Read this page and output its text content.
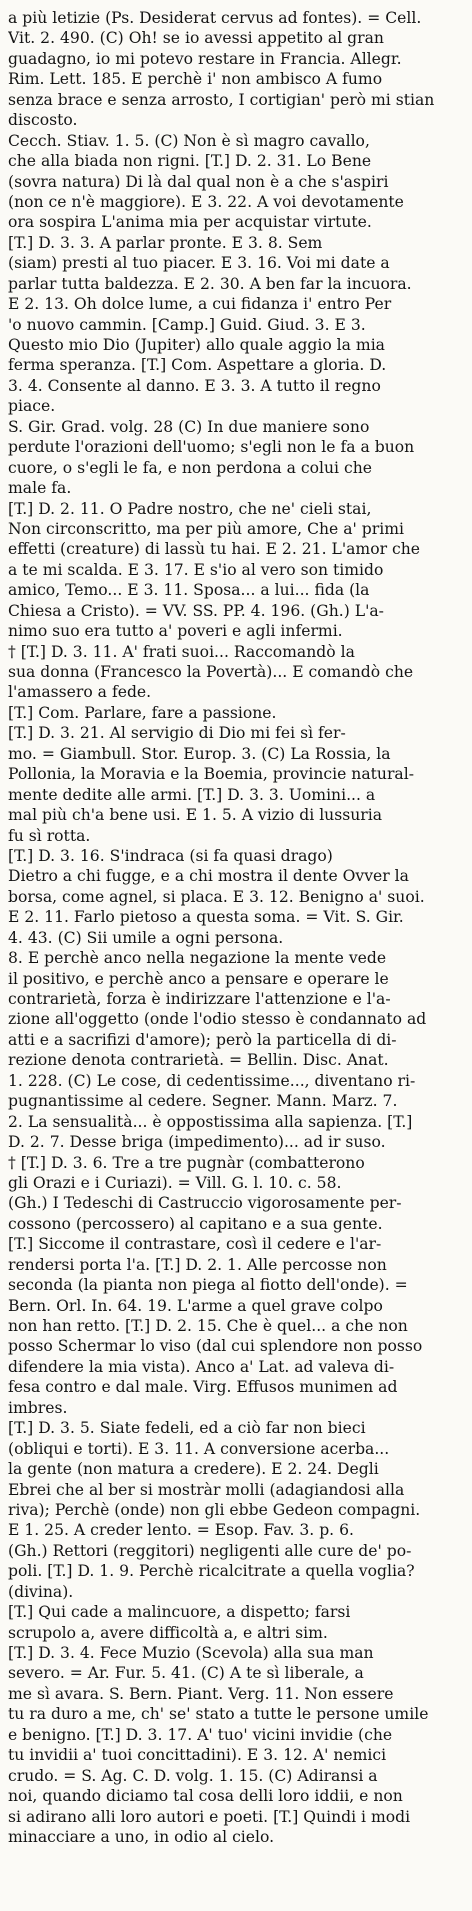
a più letizie (Ps. Desiderat cervus ad fontes). = Cell.
Vit. 2. 490. (C) Oh! se io avessi appetito al gran
guadagno, io mi potevo restare in Francia. Allegr.
Rim. Lett. 185. E perchè i' non ambisco A fumo
senza brace e senza arrosto, I cortigian' però mi stian
discosto.
Cecch. Stiav. 1. 5. (C) Non è sì magro cavallo,
che alla biada non rigni. [T.] D. 2. 31. Lo Bene
(sovra natura) Di là dal qual non è a che s'aspiri
(non ce n'è maggiore). E 3. 22. A voi devotamente
ora sospira L'anima mia per acquistar virtute.
[T.] D. 3. 3. A parlar pronte. E 3. 8. Sem
(siam) presti al tuo piacer. E 3. 16. Voi mi date a
parlar tutta baldezza. E 2. 30. A ben far la incuora.
E 2. 13. Oh dolce lume, a cui fidanza i' entro Per
'o nuovo cammin. [Camp.] Guid. Giud. 3. E 3.
Questo mio Dio (Jupiter) allo quale aggio la mia
ferma speranza. [T.] Com. Aspettare a gloria. D.
3. 4. Consente al danno. E 3. 3. A tutto il regno
piace.
S. Gir. Grad. volg. 28 (C) In due maniere sono
perdute l'orazioni dell'uomo; s'egli non le fa a buon
cuore, o s'egli le fa, e non perdona a colui che
male fa.
[T.] D. 2. 11. O Padre nostro, che ne' cieli stai,
Non circonscritto, ma per più amore, Che a' primi
effetti (creature) di lassù tu hai. E 2. 21. L'amor che
a te mi scalda. E 3. 17. E s'io al vero son timido
amico, Temo... E 3. 11. Sposa... a lui... fida (la
Chiesa a Cristo). = VV. SS. PP. 4. 196. (Gh.) L'a-
nimo suo era tutto a' poveri e agli infermi.
† [T.] D. 3. 11. A' frati suoi... Raccomandò la
sua donna (Francesco la Povertà)... E comandò che
l'amassero a fede.
[T.] Com. Parlare, fare a passione.
[T.] D. 3. 21. Al servigio di Dio mi fei sì fer-
mo. = Giambull. Stor. Europ. 3. (C) La Rossia, la
Pollonia, la Moravia e la Boemia, provincie natural-
mente dedite alle armi. [T.] D. 3. 3. Uomini... a
mal più ch'a bene usi. E 1. 5. A vizio di lussuria
fu sì rotta.
[T.] D. 3. 16. S'indraca (si fa quasi drago)
Dietro a chi fugge, e a chi mostra il dente Ovver la
borsa, come agnel, si placa. E 3. 12. Benigno a' suoi.
E 2. 11. Farlo pietoso a questa soma. = Vit. S. Gir.
4. 43. (C) Sii umile a ogni persona.
8. E perchè anco nella negazione la mente vede
il positivo, e perchè anco a pensare e operare le
contrarietà, forza è indirizzare l'attenzione e l'a-
zione all'oggetto (onde l'odio stesso è condannato ad
atti e a sacrifizi d'amore); però la particella di di-
rezione denota contrarietà. = Bellin. Disc. Anat.
1. 228. (C) Le cose, di cedentissime..., diventano ri-
pugnantissime al cedere. Segner. Mann. Marz. 7.
2. La sensualità... è oppostissima alla sapienza. [T.]
D. 2. 7. Desse briga (impedimento)... ad ir suso.
† [T.] D. 3. 6. Tre a tre pugnàr (combatterono
gli Orazi e i Curiazi). = Vill. G. l. 10. c. 58.
(Gh.) I Tedeschi di Castruccio vigorosamente per-
cossono (percossero) al capitano e a sua gente.
[T.] Siccome il contrastare, così il cedere e l'ar-
rendersi porta l'a. [T.] D. 2. 1. Alle percosse non
seconda (la pianta non piega al fiotto dell'onde). =
Bern. Orl. In. 64. 19. L'arme a quel grave colpo
non han retto. [T.] D. 2. 15. Che è quel... a che non
posso Schermar lo viso (dal cui splendore non posso
difendere la mia vista). Anco a' Lat. ad valeva di-
fesa contro e dal male. Virg. Effusos munimen ad
imbres.
[T.] D. 3. 5. Siate fedeli, ed a ciò far non bieci
(obliqui e torti). E 3. 11. A conversione acerba...
la gente (non matura a credere). E 2. 24. Degli
Ebrei che al ber si mostràr molli (adagiandosi alla
riva); Perchè (onde) non gli ebbe Gedeon compagni.
E 1. 25. A creder lento. = Esop. Fav. 3. p. 6.
(Gh.) Rettori (reggitori) negligenti alle cure de' po-
poli. [T.] D. 1. 9. Perchè ricalcitrate a quella voglia?
(divina).
[T.] Qui cade a malincuore, a dispetto; farsi
scrupolo a, avere difficoltà a, e altri sim.
[T.] D. 3. 4. Fece Muzio (Scevola) alla sua man
severo. = Ar. Fur. 5. 41. (C) A te sì liberale, a
me sì avara. S. Bern. Piant. Verg. 11. Non essere
tu ra duro a me, ch' se' stato a tutte le persone umile
e benigno. [T.] D. 3. 17. A' tuo' vicini invidie (che
tu invidii a' tuoi concittadini). E 3. 12. A' nemici
crudo. = S. Ag. C. D. volg. 1. 15. (C) Adiransi a
noi, quando diciamo tal cosa delli loro iddii, e non
si adirano alli loro autori e poeti. [T.] Quindi i modi
minacciare a uno, in odio al cielo.
